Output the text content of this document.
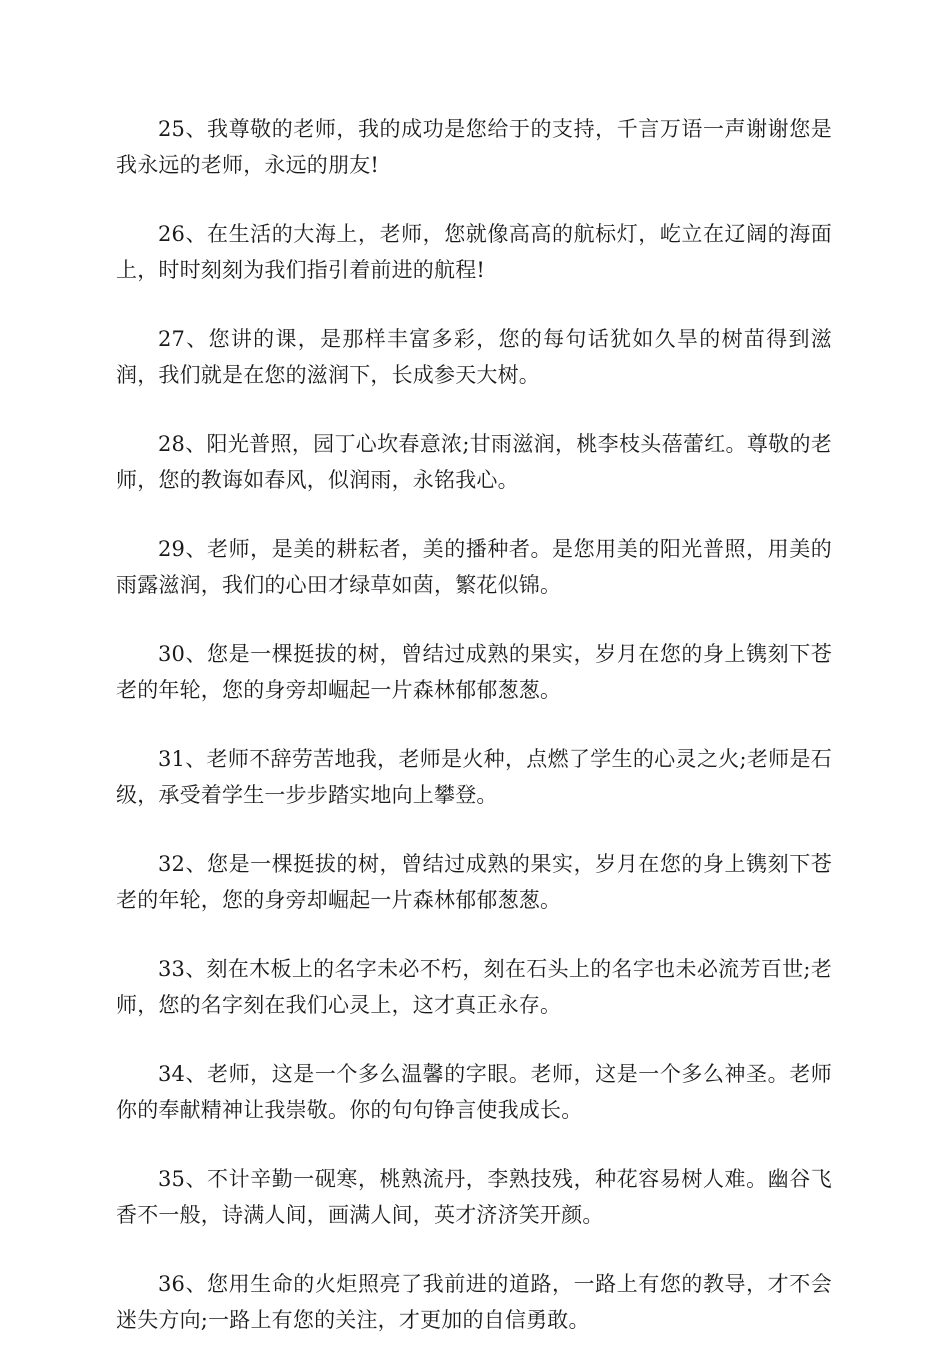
25、我尊敬的老师，我的成功是您给于的支持，千言万语一声谢谢您是我永远的老师，永远的朋友!

26、在生活的大海上，老师，您就像高高的航标灯，屹立在辽阔的海面上，时时刻刻为我们指引着前进的航程!

27、您讲的课，是那样丰富多彩，您的每句话犹如久旱的树苗得到滋润，我们就是在您的滋润下，长成参天大树。

28、阳光普照，园丁心坎春意浓;甘雨滋润，桃李枝头蓓蕾红。尊敬的老师，您的教诲如春风，似润雨，永铭我心。

29、老师，是美的耕耘者，美的播种者。是您用美的阳光普照，用美的雨露滋润，我们的心田才绿草如茵，繁花似锦。

30、您是一棵挺拔的树，曾结过成熟的果实，岁月在您的身上镌刻下苍老的年轮，您的身旁却崛起一片森林郁郁葱葱。

31、老师不辞劳苦地我，老师是火种，点燃了学生的心灵之火;老师是石级，承受着学生一步步踏实地向上攀登。

32、您是一棵挺拔的树，曾结过成熟的果实，岁月在您的身上镌刻下苍老的年轮，您的身旁却崛起一片森林郁郁葱葱。

33、刻在木板上的名字未必不朽，刻在石头上的名字也未必流芳百世;老师，您的名字刻在我们心灵上，这才真正永存。

34、老师，这是一个多么温馨的字眼。老师，这是一个多么神圣。老师你的奉献精神让我崇敬。你的句句铮言使我成长。

35、不计辛勤一砚寒，桃熟流丹，李熟技残，种花容易树人难。幽谷飞香不一般，诗满人间，画满人间，英才济济笑开颜。

36、您用生命的火炬照亮了我前进的道路，一路上有您的教导，才不会迷失方向;一路上有您的关注，才更加的自信勇敢。
